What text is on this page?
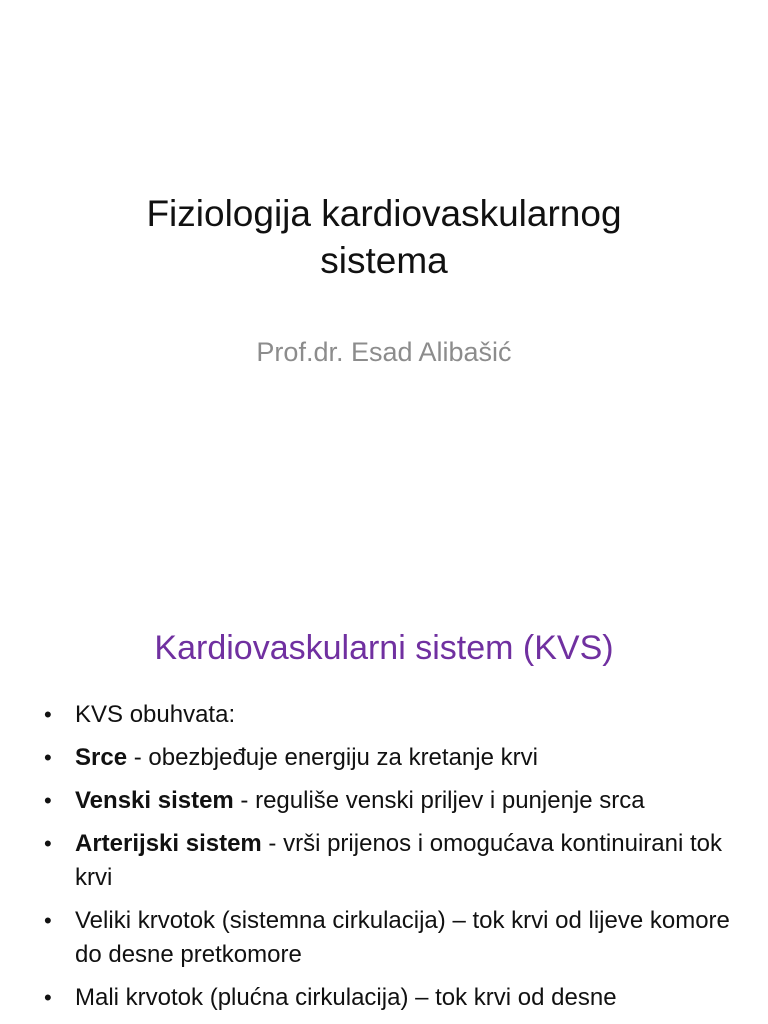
Fiziologija kardiovaskularnog
sistema
Prof.dr. Esad Alibašić
Kardiovaskularni sistem (KVS)
• KVS obuhvata:
• Srce - obezbjeđuje energiju za kretanje krvi
• Venski sistem - reguliše venski priljev i punjenje srca
• Arterijski sistem - vrši prijenos i omogućava kontinuirani tok krvi
• Veliki krvotok (sistemna cirkulacija) – tok krvi od lijeve komore do desne pretkomore
• Mali krvotok (plućna cirkulacija) – tok krvi od desne
